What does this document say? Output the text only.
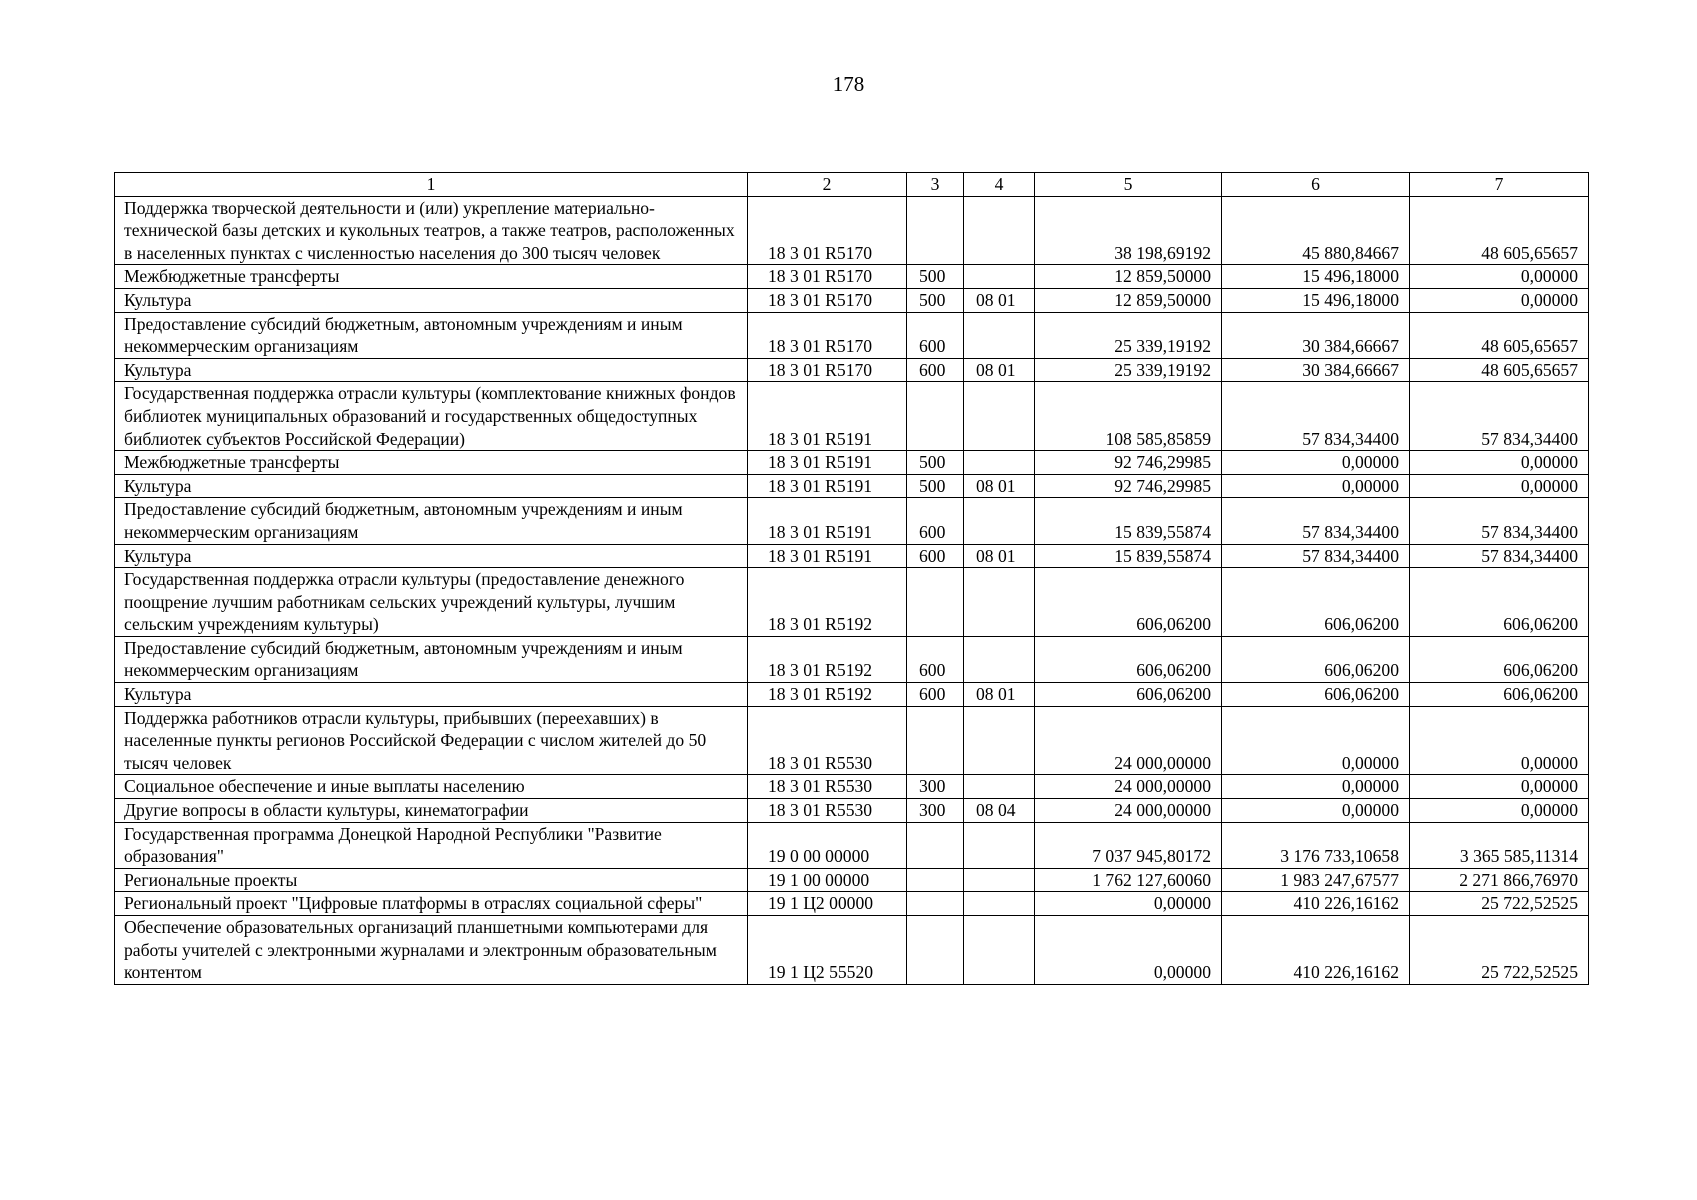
178
1	2	3	4	5	6	7
Поддержка творческой деятельности и (или) укрепление материально-технической базы детских и кукольных театров, а также театров, расположенных в населенных пунктах с численностью населения до 300 тысяч человек	18 3 01 R5170			38 198,69192	45 880,84667	48 605,65657
Межбюджетные трансферты	18 3 01 R5170	500		12 859,50000	15 496,18000	0,00000
Культура	18 3 01 R5170	500	08 01	12 859,50000	15 496,18000	0,00000
Предоставление субсидий бюджетным, автономным учреждениям и иным некоммерческим организациям	18 3 01 R5170	600		25 339,19192	30 384,66667	48 605,65657
Культура	18 3 01 R5170	600	08 01	25 339,19192	30 384,66667	48 605,65657
Государственная поддержка отрасли культуры (комплектование книжных фондов библиотек муниципальных образований и государственных общедоступных библиотек субъектов Российской Федерации)	18 3 01 R5191			108 585,85859	57 834,34400	57 834,34400
Межбюджетные трансферты	18 3 01 R5191	500		92 746,29985	0,00000	0,00000
Культура	18 3 01 R5191	500	08 01	92 746,29985	0,00000	0,00000
Предоставление субсидий бюджетным, автономным учреждениям и иным некоммерческим организациям	18 3 01 R5191	600		15 839,55874	57 834,34400	57 834,34400
Культура	18 3 01 R5191	600	08 01	15 839,55874	57 834,34400	57 834,34400
Государственная поддержка отрасли культуры (предоставление денежного поощрение лучшим работникам сельских учреждений культуры, лучшим сельским учреждениям культуры)	18 3 01 R5192			606,06200	606,06200	606,06200
Предоставление субсидий бюджетным, автономным учреждениям и иным некоммерческим организациям	18 3 01 R5192	600		606,06200	606,06200	606,06200
Культура	18 3 01 R5192	600	08 01	606,06200	606,06200	606,06200
Поддержка работников отрасли культуры, прибывших (переехавших) в населенные пункты регионов Российской Федерации с числом жителей до 50 тысяч человек	18 3 01 R5530			24 000,00000	0,00000	0,00000
Социальное обеспечение и иные выплаты населению	18 3 01 R5530	300		24 000,00000	0,00000	0,00000
Другие вопросы в области культуры, кинематографии	18 3 01 R5530	300	08 04	24 000,00000	0,00000	0,00000
Государственная программа Донецкой Народной Республики "Развитие образования"	19 0 00 00000			7 037 945,80172	3 176 733,10658	3 365 585,11314
Региональные проекты	19 1 00 00000			1 762 127,60060	1 983 247,67577	2 271 866,76970
Региональный проект "Цифровые платформы в отраслях социальной сферы"	19 1 Ц2 00000			0,00000	410 226,16162	25 722,52525
Обеспечение образовательных организаций планшетными компьютерами для работы учителей с электронными журналами и электронным образовательным контентом	19 1 Ц2 55520			0,00000	410 226,16162	25 722,52525
